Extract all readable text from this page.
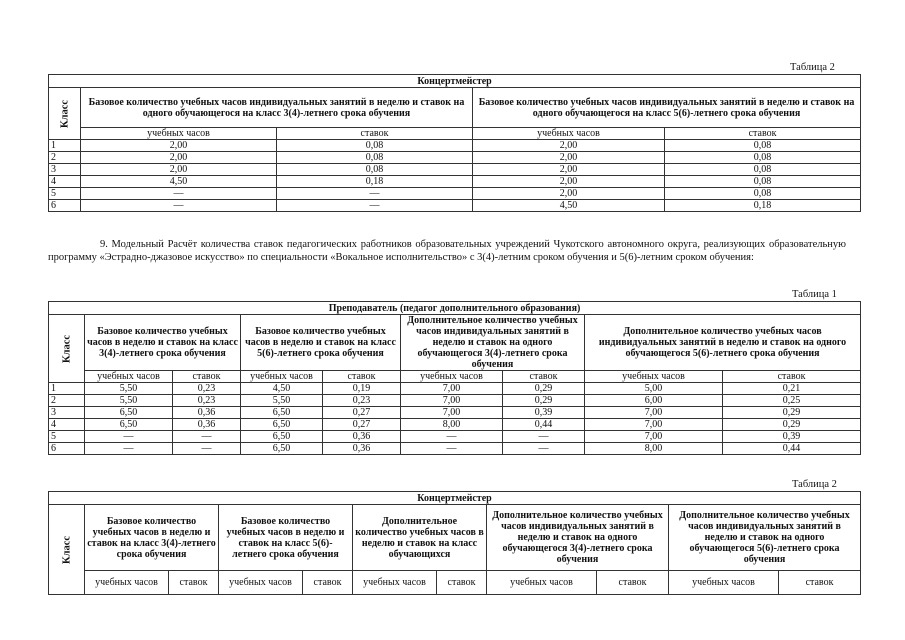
Таблица 2
Концертмейстер				

Класс	Базовое количество учебных часов индивидуальных занятий в неделю и ставок на одного обучающегося на класс 3(4)-летнего срока обучения		Базовое количество учебных часов индивидуальных занятий в неделю и ставок на одного обучающегося на класс 5(6)-летнего срока обучения	
	учебных часов	ставок	учебных часов	ставок
1	2,00	0,08	2,00	0,08
2	2,00	0,08	2,00	0,08
3	2,00	0,08	2,00	0,08
4	4,50	0,18	2,00	0,08
5	—	—	2,00	0,08
6	—	—	4,50	0,18
9. Модельный Расчёт количества ставок педагогических работников образовательных учреждений Чукотского автономного округа, реализующих образовательную программу «Эстрадно-джазовое искусство» по специальности «Вокальное исполнительство» с 3(4)-летним сроком обучения и 5(6)-летним сроком обучения:
Таблица 1
Преподаватель (педагог дополнительного образования)								

Класс	Базовое количество учебных часов в неделю и ставок на класс 3(4)-летнего срока обучения		Базовое количество учебных часов в неделю и ставок на класс 5(6)-летнего срока обучения		Дополнительное количество учебных часов индивидуальных занятий в неделю и ставок на одного обучающегося 3(4)-летнего срока обучения		Дополнительное количество учебных часов индивидуальных занятий в неделю и ставок на одного обучающегося 5(6)-летнего срока обучения	
	учебных часов	ставок	учебных часов	ставок	учебных часов	ставок	учебных часов	ставок
1	5,50	0,23	4,50	0,19	7,00	0,29	5,00	0,21
2	5,50	0,23	5,50	0,23	7,00	0,29	6,00	0,25
3	6,50	0,36	6,50	0,27	7,00	0,39	7,00	0,29
4	6,50	0,36	6,50	0,27	8,00	0,44	7,00	0,29
5	—	—	6,50	0,36	—	—	7,00	0,39
6	—	—	6,50	0,36	—	—	8,00	0,44
Таблица 2
Концертмейстер										

Класс	Базовое количество учебных часов в неделю и ставок на класс 3(4)-летнего срока обучения		Базовое количество учебных часов в неделю и ставок на класс 5(6)- летнего срока обучения		Дополнительное количество учебных часов в неделю и ставок на класс обучающихся		Дополнительное количество учебных часов индивидуальных занятий в неделю и ставок на одного обучающегося 3(4)-летнего срока обучения		Дополнительное количество учебных часов индивидуальных занятий в неделю и ставок на одного обучающегося 5(6)-летнего срока обучения	
	учебных часов	ставок	учебных часов	ставок	учебных часов	ставок	учебных часов	ставок	учебных часов	ставок
